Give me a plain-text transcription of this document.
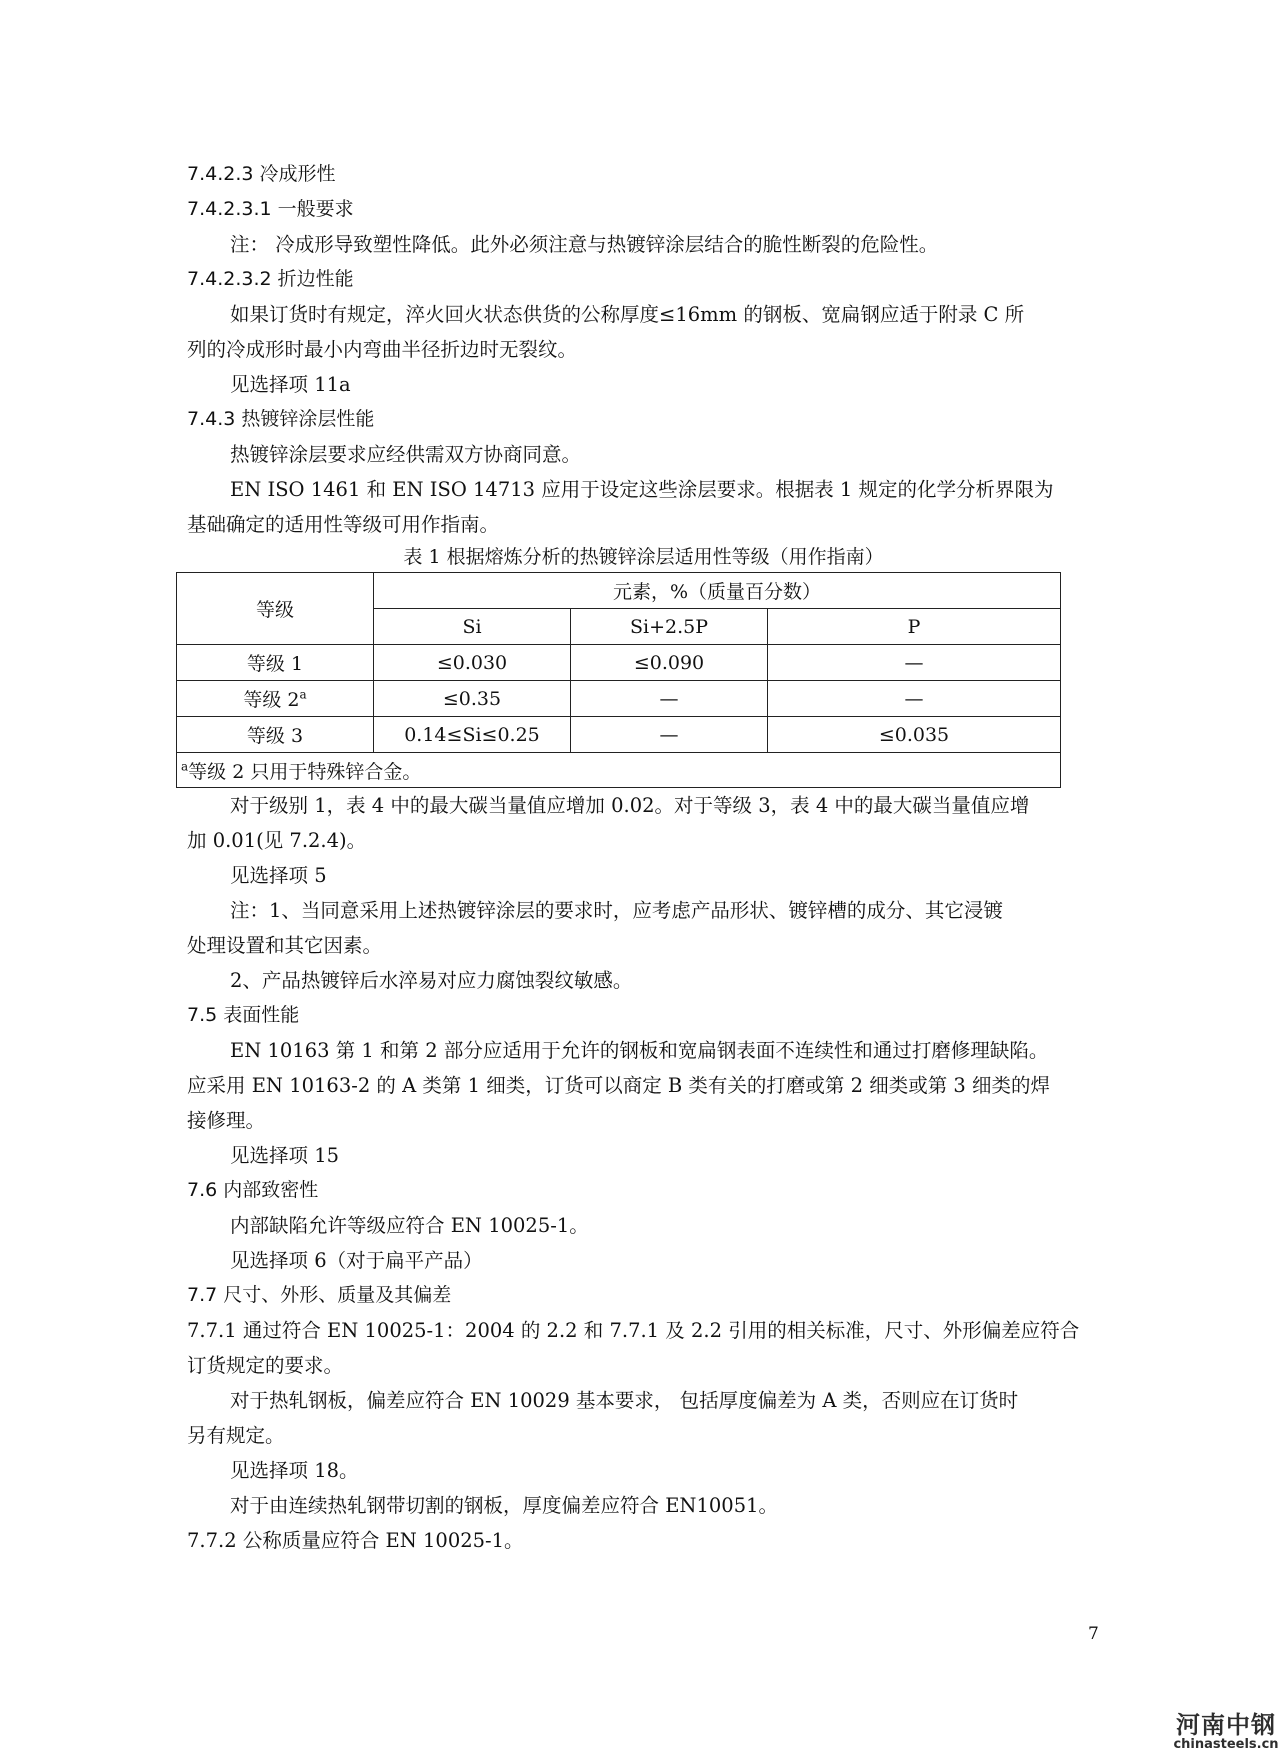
7.4.2.3 冷成形性
7.4.2.3.1 一般要求
注： 冷成形导致塑性降低。此外必须注意与热镀锌涂层结合的脆性断裂的危险性。
7.4.2.3.2 折边性能
如果订货时有规定，淬火回火状态供货的公称厚度≤16mm 的钢板、宽扁钢应适于附录 C 所
列的冷成形时最小内弯曲半径折边时无裂纹。
见选择项 11a
7.4.3 热镀锌涂层性能
热镀锌涂层要求应经供需双方协商同意。
EN ISO 1461 和 EN ISO 14713 应用于设定这些涂层要求。根据表 1 规定的化学分析界限为
基础确定的适用性等级可用作指南。
表 1 根据熔炼分析的热镀锌涂层适用性等级（用作指南）
等级	元素，%（质量百分数）		
	Si	Si+2.5P	P
等级 1	≤0.030	≤0.090	—
等级 $2^a$	≤0.35	—	—
等级 3	0.14≤Si≤0.25	—	≤0.035
$^a$等级 2 只用于特殊锌合金。			
对于级别 1，表 4 中的最大碳当量值应增加 0.02。对于等级 3，表 4 中的最大碳当量值应增
加 0.01(见 7.2.4)。
见选择项 5
注：1、当同意采用上述热镀锌涂层的要求时，应考虑产品形状、镀锌槽的成分、其它浸镀
处理设置和其它因素。
2、产品热镀锌后水淬易对应力腐蚀裂纹敏感。
7.5 表面性能
EN 10163 第 1 和第 2 部分应适用于允许的钢板和宽扁钢表面不连续性和通过打磨修理缺陷。
应采用 EN 10163-2 的 A 类第 1 细类，订货可以商定 B 类有关的打磨或第 2 细类或第 3 细类的焊
接修理。
见选择项 15
7.6 内部致密性
内部缺陷允许等级应符合 EN 10025-1。
见选择项 6（对于扁平产品）
7.7 尺寸、外形、质量及其偏差
7.7.1 通过符合 EN 10025-1：2004 的 2.2 和 7.7.1 及 2.2 引用的相关标准，尺寸、外形偏差应符合
订货规定的要求。
对于热轧钢板，偏差应符合 EN 10029 基本要求， 包括厚度偏差为 A 类，否则应在订货时
另有规定。
见选择项 18。
对于由连续热轧钢带切割的钢板，厚度偏差应符合 EN10051。
7.7.2 公称质量应符合 EN 10025-1。
7
河南中钢
chinasteels.cn
